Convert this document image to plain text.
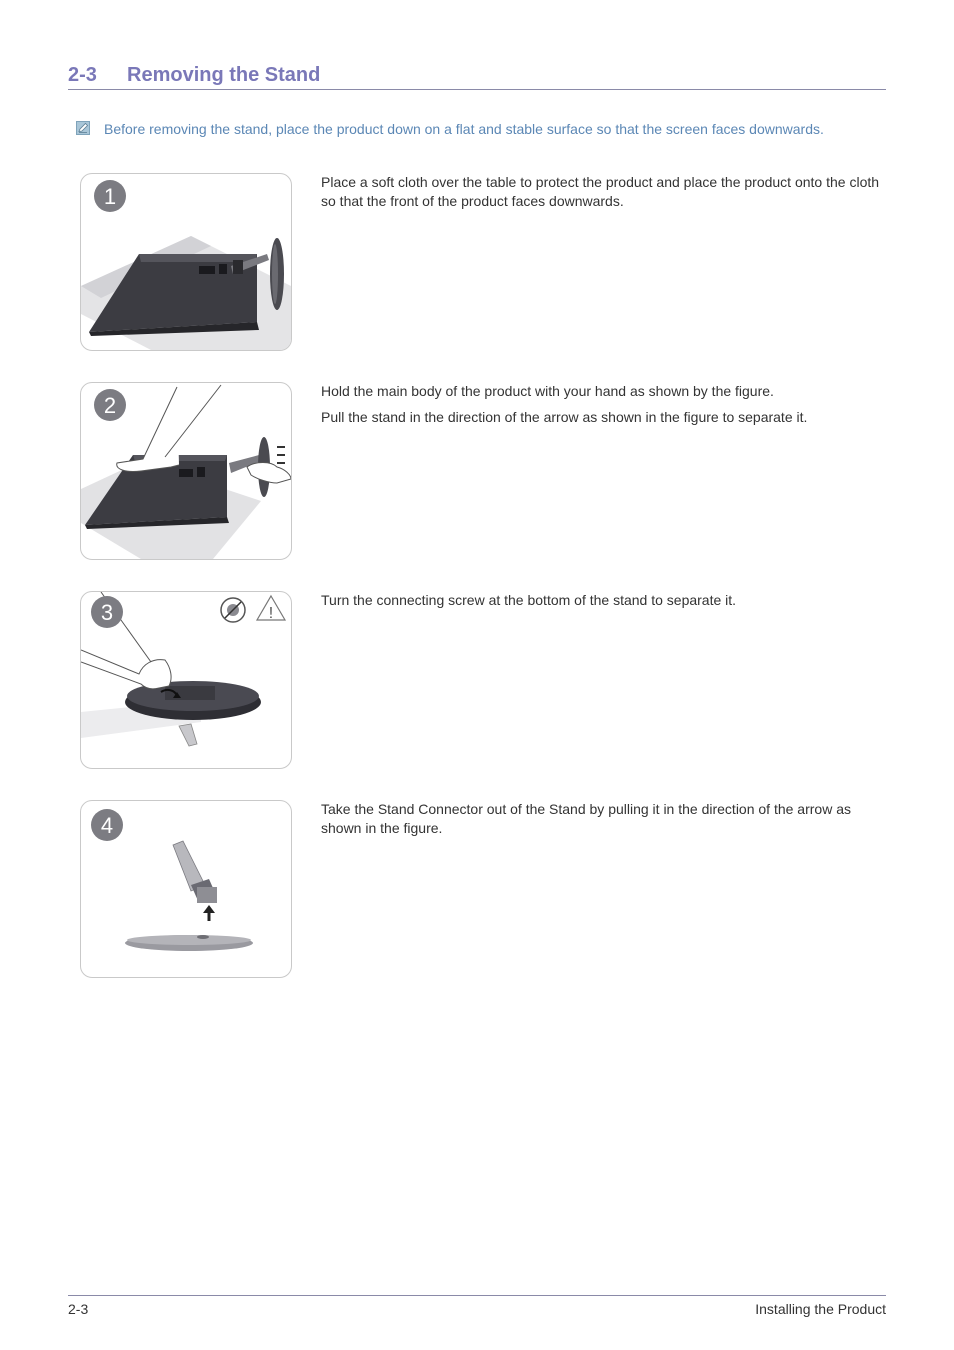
2-3 Removing the Stand
Before removing the stand, place the product down on a flat and stable surface so that the screen faces downwards.
1

Place a soft cloth over the table to protect the product and place the product onto the cloth so that the front of the product faces downwards.

2

Hold the main body of the product with your hand as shown by the figure.

Pull the stand in the direction of the arrow as shown in the figure to separate it.

!
3	Turn the connecting screw at the bottom of the stand to separate it.

4

Take the Stand Connector out of the Stand by pulling it in the direction of the arrow as shown in the figure.

2-3	Installing the Product
